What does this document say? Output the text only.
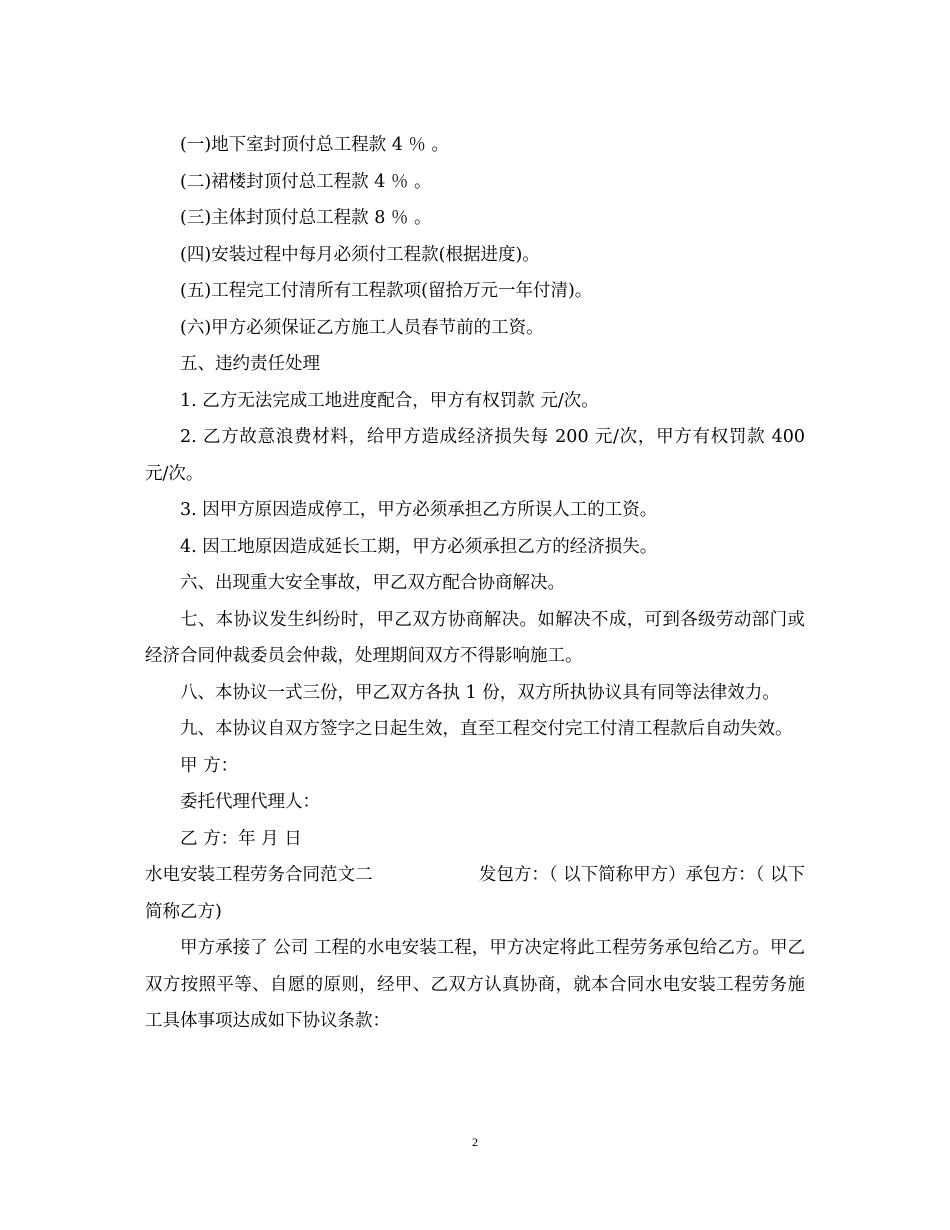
(一)地下室封顶付总工程款 4 ％ 。

(二)裙楼封顶付总工程款 4 ％ 。

(三)主体封顶付总工程款 8 ％ 。

(四)安装过程中每月必须付工程款(根据进度)。

(五)工程完工付清所有工程款项(留拾万元一年付清)。

(六)甲方必须保证乙方施工人员春节前的工资。

五、违约责任处理

1. 乙方无法完成工地进度配合，甲方有权罚款 元/次。

2. 乙方故意浪费材料，给甲方造成经济损失每 200 元/次，甲方有权罚款 400 元/次。

3. 因甲方原因造成停工，甲方必须承担乙方所误人工的工资。

4. 因工地原因造成延长工期，甲方必须承担乙方的经济损失。

六、出现重大安全事故，甲乙双方配合协商解决。

七、本协议发生纠纷时，甲乙双方协商解决。如解决不成，可到各级劳动部门或经济合同仲裁委员会仲裁，处理期间双方不得影响施工。

八、本协议一式三份，甲乙双方各执 1 份，双方所执协议具有同等法律效力。

九、本协议自双方签字之日起生效，直至工程交付完工付清工程款后自动失效。

甲 方：

委托代理代理人：

乙 方：年 月 日

水电安装工程劳务合同范文二	发包方：（ 以下简称甲方）承包方：（ 以下

简称乙方)

甲方承接了 公司 工程的水电安装工程，甲方决定将此工程劳务承包给乙方。甲乙双方按照平等、自愿的原则，经甲、乙双方认真协商，就本合同水电安装工程劳务施工具体事项达成如下协议条款：

2
